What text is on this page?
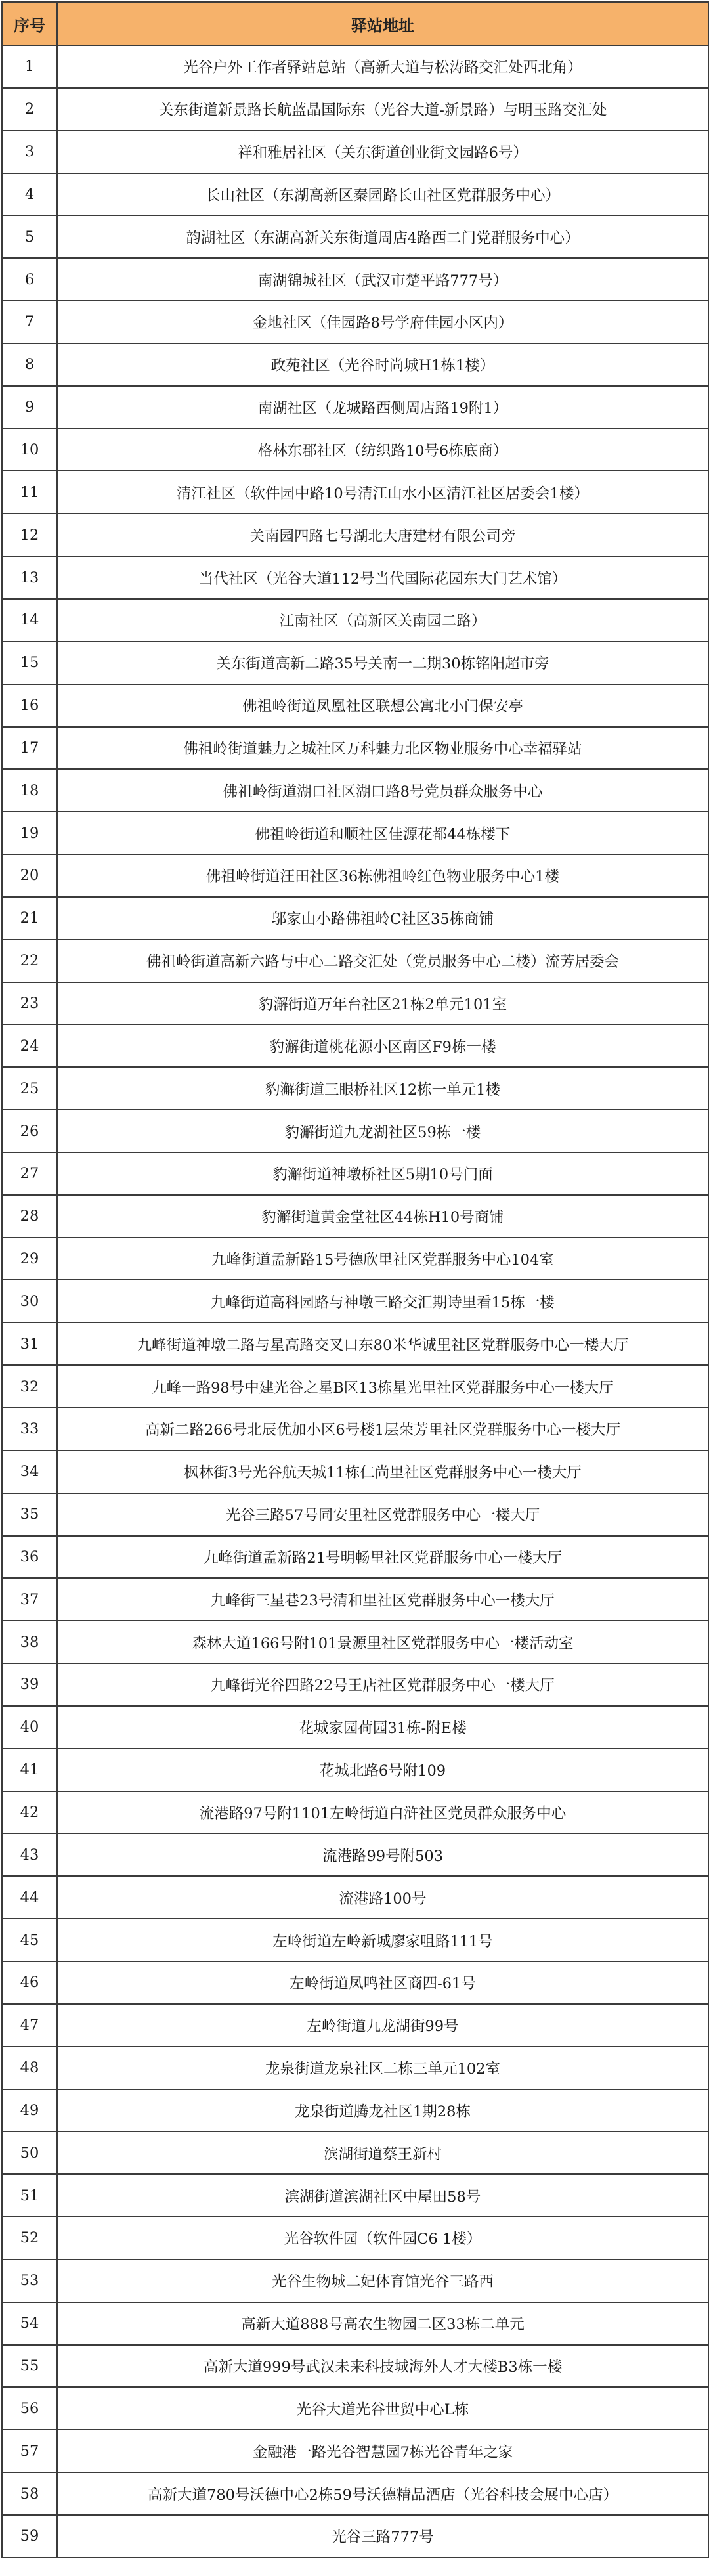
序号	驿站地址
1	光谷户外工作者驿站总站（高新大道与松涛路交汇处西北角）
2	关东街道新景路长航蓝晶国际东（光谷大道-新景路）与明玉路交汇处
3	祥和雅居社区（关东街道创业街文园路6号）
4	长山社区（东湖高新区秦园路长山社区党群服务中心）
5	韵湖社区（东湖高新关东街道周店4路西二门党群服务中心）
6	南湖锦城社区（武汉市楚平路777号）
7	金地社区（佳园路8号学府佳园小区内）
8	政苑社区（光谷时尚城H1栋1楼）
9	南湖社区（龙城路西侧周店路19附1）
10	格林东郡社区（纺织路10号6栋底商）
11	清江社区（软件园中路10号清江山水小区清江社区居委会1楼）
12	关南园四路七号湖北大唐建材有限公司旁
13	当代社区（光谷大道112号当代国际花园东大门艺术馆）
14	江南社区（高新区关南园二路）
15	关东街道高新二路35号关南一二期30栋铭阳超市旁
16	佛祖岭街道凤凰社区联想公寓北小门保安亭
17	佛祖岭街道魅力之城社区万科魅力北区物业服务中心幸福驿站
18	佛祖岭街道湖口社区湖口路8号党员群众服务中心
19	佛祖岭街道和顺社区佳源花都44栋楼下
20	佛祖岭街道汪田社区36栋佛祖岭红色物业服务中心1楼
21	邬家山小路佛祖岭C社区35栋商铺
22	佛祖岭街道高新六路与中心二路交汇处（党员服务中心二楼）流芳居委会
23	豹澥街道万年台社区21栋2单元101室
24	豹澥街道桃花源小区南区F9栋一楼
25	豹澥街道三眼桥社区12栋一单元1楼
26	豹澥街道九龙湖社区59栋一楼
27	豹澥街道神墩桥社区5期10号门面
28	豹澥街道黄金堂社区44栋H10号商铺
29	九峰街道孟新路15号德欣里社区党群服务中心104室
30	九峰街道高科园路与神墩三路交汇期诗里看15栋一楼
31	九峰街道神墩二路与星高路交叉口东80米华诚里社区党群服务中心一楼大厅
32	九峰一路98号中建光谷之星B区13栋星光里社区党群服务中心一楼大厅
33	高新二路266号北辰优加小区6号楼1层荣芳里社区党群服务中心一楼大厅
34	枫林街3号光谷航天城11栋仁尚里社区党群服务中心一楼大厅
35	光谷三路57号同安里社区党群服务中心一楼大厅
36	九峰街道孟新路21号明畅里社区党群服务中心一楼大厅
37	九峰街三星巷23号清和里社区党群服务中心一楼大厅
38	森林大道166号附101景源里社区党群服务中心一楼活动室
39	九峰街光谷四路22号王店社区党群服务中心一楼大厅
40	花城家园荷园31栋-附E楼
41	花城北路6号附109
42	流港路97号附1101左岭街道白浒社区党员群众服务中心
43	流港路99号附503
44	流港路100号
45	左岭街道左岭新城廖家咀路111号
46	左岭街道凤鸣社区商四-61号
47	左岭街道九龙湖街99号
48	龙泉街道龙泉社区二栋三单元102室
49	龙泉街道腾龙社区1期28栋
50	滨湖街道蔡王新村
51	滨湖街道滨湖社区中屋田58号
52	光谷软件园（软件园C6 1楼）
53	光谷生物城二妃体育馆光谷三路西
54	高新大道888号高农生物园二区33栋二单元
55	高新大道999号武汉未来科技城海外人才大楼B3栋一楼
56	光谷大道光谷世贸中心L栋
57	金融港一路光谷智慧园7栋光谷青年之家
58	高新大道780号沃德中心2栋59号沃德精品酒店（光谷科技会展中心店）
59	光谷三路777号
